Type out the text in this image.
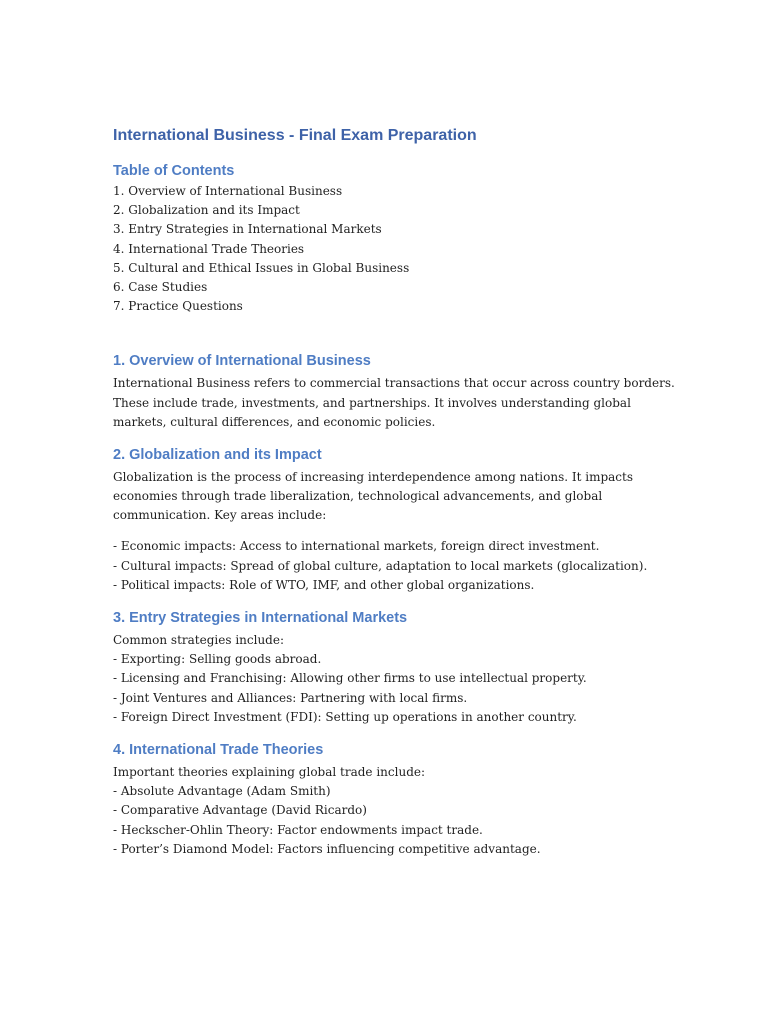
International Business - Final Exam Preparation
Table of Contents

1. Overview of International Business

2. Globalization and its Impact

3. Entry Strategies in International Markets

4. International Trade Theories

5. Cultural and Ethical Issues in Global Business

6. Case Studies

7. Practice Questions

1. Overview of International Business

International Business refers to commercial transactions that occur across country borders.

These include trade, investments, and partnerships. It involves understanding global

markets, cultural differences, and economic policies.

2. Globalization and its Impact

Globalization is the process of increasing interdependence among nations. It impacts

economies through trade liberalization, technological advancements, and global

communication. Key areas include:

- Economic impacts: Access to international markets, foreign direct investment.

- Cultural impacts: Spread of global culture, adaptation to local markets (glocalization).

- Political impacts: Role of WTO, IMF, and other global organizations.

3. Entry Strategies in International Markets

Common strategies include:

- Exporting: Selling goods abroad.

- Licensing and Franchising: Allowing other firms to use intellectual property.

- Joint Ventures and Alliances: Partnering with local firms.

- Foreign Direct Investment (FDI): Setting up operations in another country.

4. International Trade Theories

Important theories explaining global trade include:

- Absolute Advantage (Adam Smith)

- Comparative Advantage (David Ricardo)

- Heckscher-Ohlin Theory: Factor endowments impact trade.

- Porter’s Diamond Model: Factors influencing competitive advantage.
